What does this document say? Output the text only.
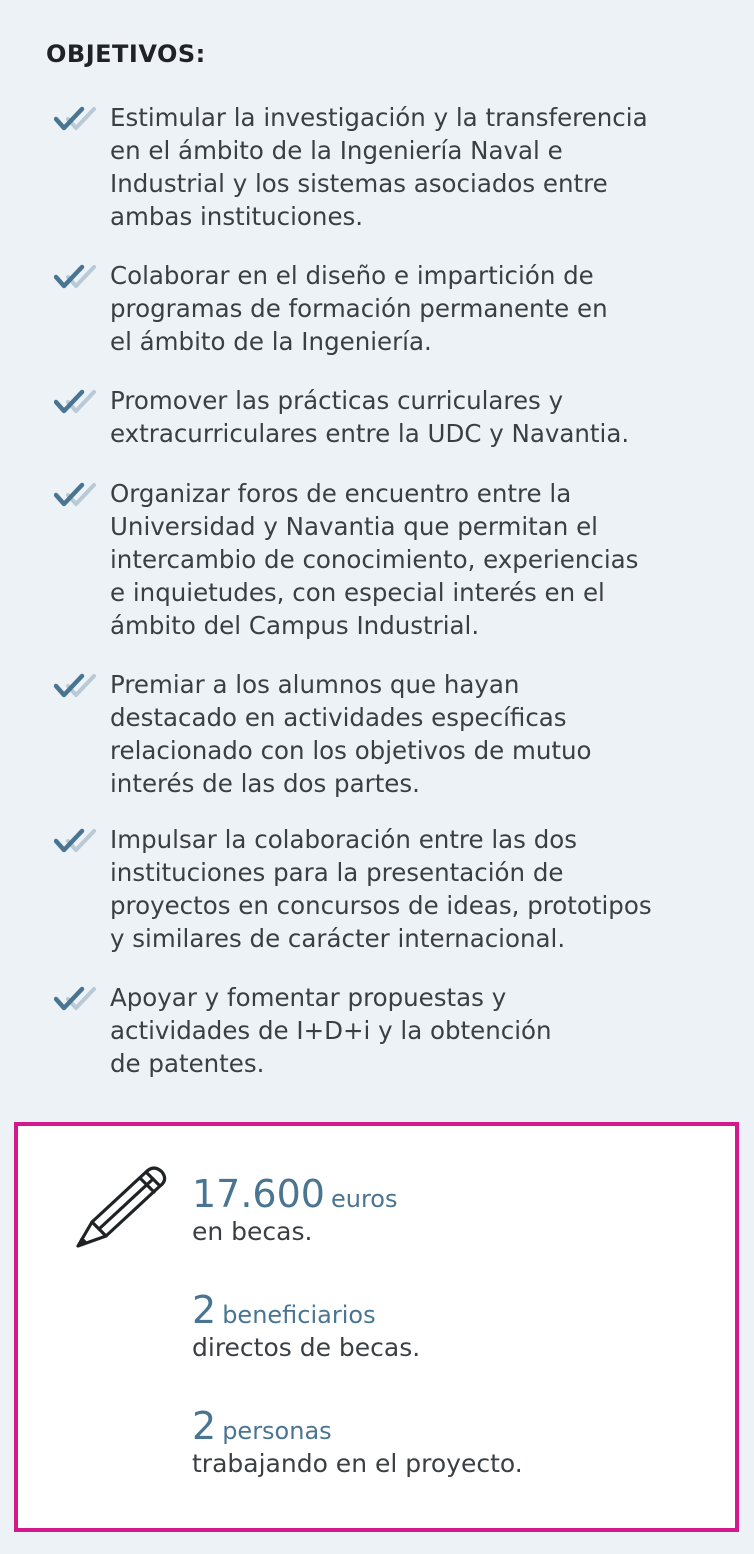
OBJETIVOS:
Estimular la investigación y la transferencia
en el ámbito de la Ingeniería Naval e
Industrial y los sistemas asociados entre
ambas instituciones.
Colaborar en el diseño e impartición de
programas de formación permanente en
el ámbito de la Ingeniería.
Promover las prácticas curriculares y
extracurriculares entre la UDC y Navantia.
Organizar foros de encuentro entre la
Universidad y Navantia que permitan el
intercambio de conocimiento, experiencias
e inquietudes, con especial interés en el
ámbito del Campus Industrial.
Premiar a los alumnos que hayan
destacado en actividades específicas
relacionado con los objetivos de mutuo
interés de las dos partes.
Impulsar la colaboración entre las dos
instituciones para la presentación de
proyectos en concursos de ideas, prototipos
y similares de carácter internacional.
Apoyar y fomentar propuestas y
actividades de I+D+i y la obtención
de patentes.
17.600 euros
en becas.
2 beneficiarios
directos de becas.
2 personas
trabajando en el proyecto.
